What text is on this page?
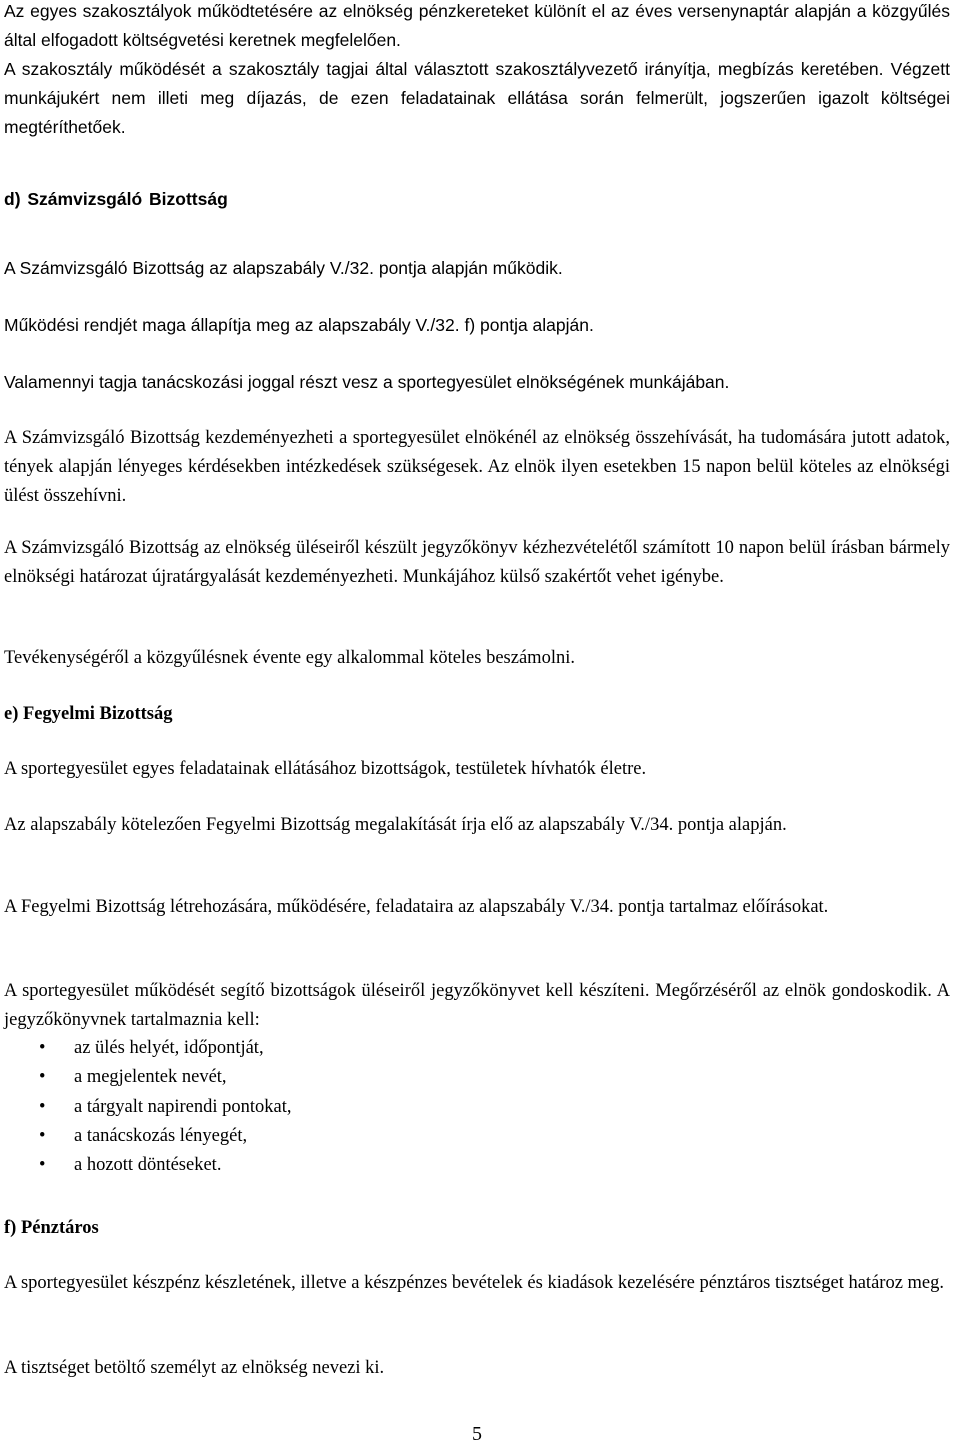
Az egyes szakosztályok működtetésére az elnökség pénzkereteket különít el az éves versenynaptár alapján a közgyűlés által elfogadott költségvetési keretnek megfelelően.

A szakosztály működését a szakosztály tagjai által választott szakosztályvezető irányítja, megbízás keretében. Végzett munkájukért nem illeti meg díjazás, de ezen feladatainak ellátása során felmerült, jogszerűen igazolt költségei megtéríthetőek.

d) Számvizsgáló Bizottság

A Számvizsgáló Bizottság az alapszabály V./32. pontja alapján működik.

Működési rendjét maga állapítja meg az alapszabály V./32. f) pontja alapján.

Valamennyi tagja tanácskozási joggal részt vesz a sportegyesület elnökségének munkájában.

A Számvizsgáló Bizottság kezdeményezheti a sportegyesület elnökénél az elnökség összehívását, ha tudomására jutott adatok, tények alapján lényeges kérdésekben intézkedések szükségesek. Az elnök ilyen esetekben 15 napon belül köteles az elnökségi ülést összehívni.

A Számvizsgáló Bizottság az elnökség üléseiről készült jegyzőkönyv kézhezvételétől számított 10 napon belül írásban bármely elnökségi határozat újratárgyalását kezdeményezheti. Munkájához külső szakértőt vehet igénybe.

Tevékenységéről a közgyűlésnek évente egy alkalommal köteles beszámolni.

e) Fegyelmi Bizottság

A sportegyesület egyes feladatainak ellátásához bizottságok, testületek hívhatók életre.

Az alapszabály kötelezően Fegyelmi Bizottság megalakítását írja elő az alapszabály V./34. pontja alapján.

A Fegyelmi Bizottság létrehozására, működésére, feladataira az alapszabály V./34. pontja tartalmaz előírásokat.

A sportegyesület működését segítő bizottságok üléseiről jegyzőkönyvet kell készíteni. Megőrzéséről az elnök gondoskodik. A jegyzőkönyvnek tartalmaznia kell:

• az ülés helyét, időpontját,
• a megjelentek nevét,
• a tárgyalt napirendi pontokat,
• a tanácskozás lényegét,
• a hozott döntéseket.

f) Pénztáros

A sportegyesület készpénz készletének, illetve a készpénzes bevételek és kiadások kezelésére pénztáros tisztséget határoz meg.

A tisztséget betöltő személyt az elnökség nevezi ki.

5
